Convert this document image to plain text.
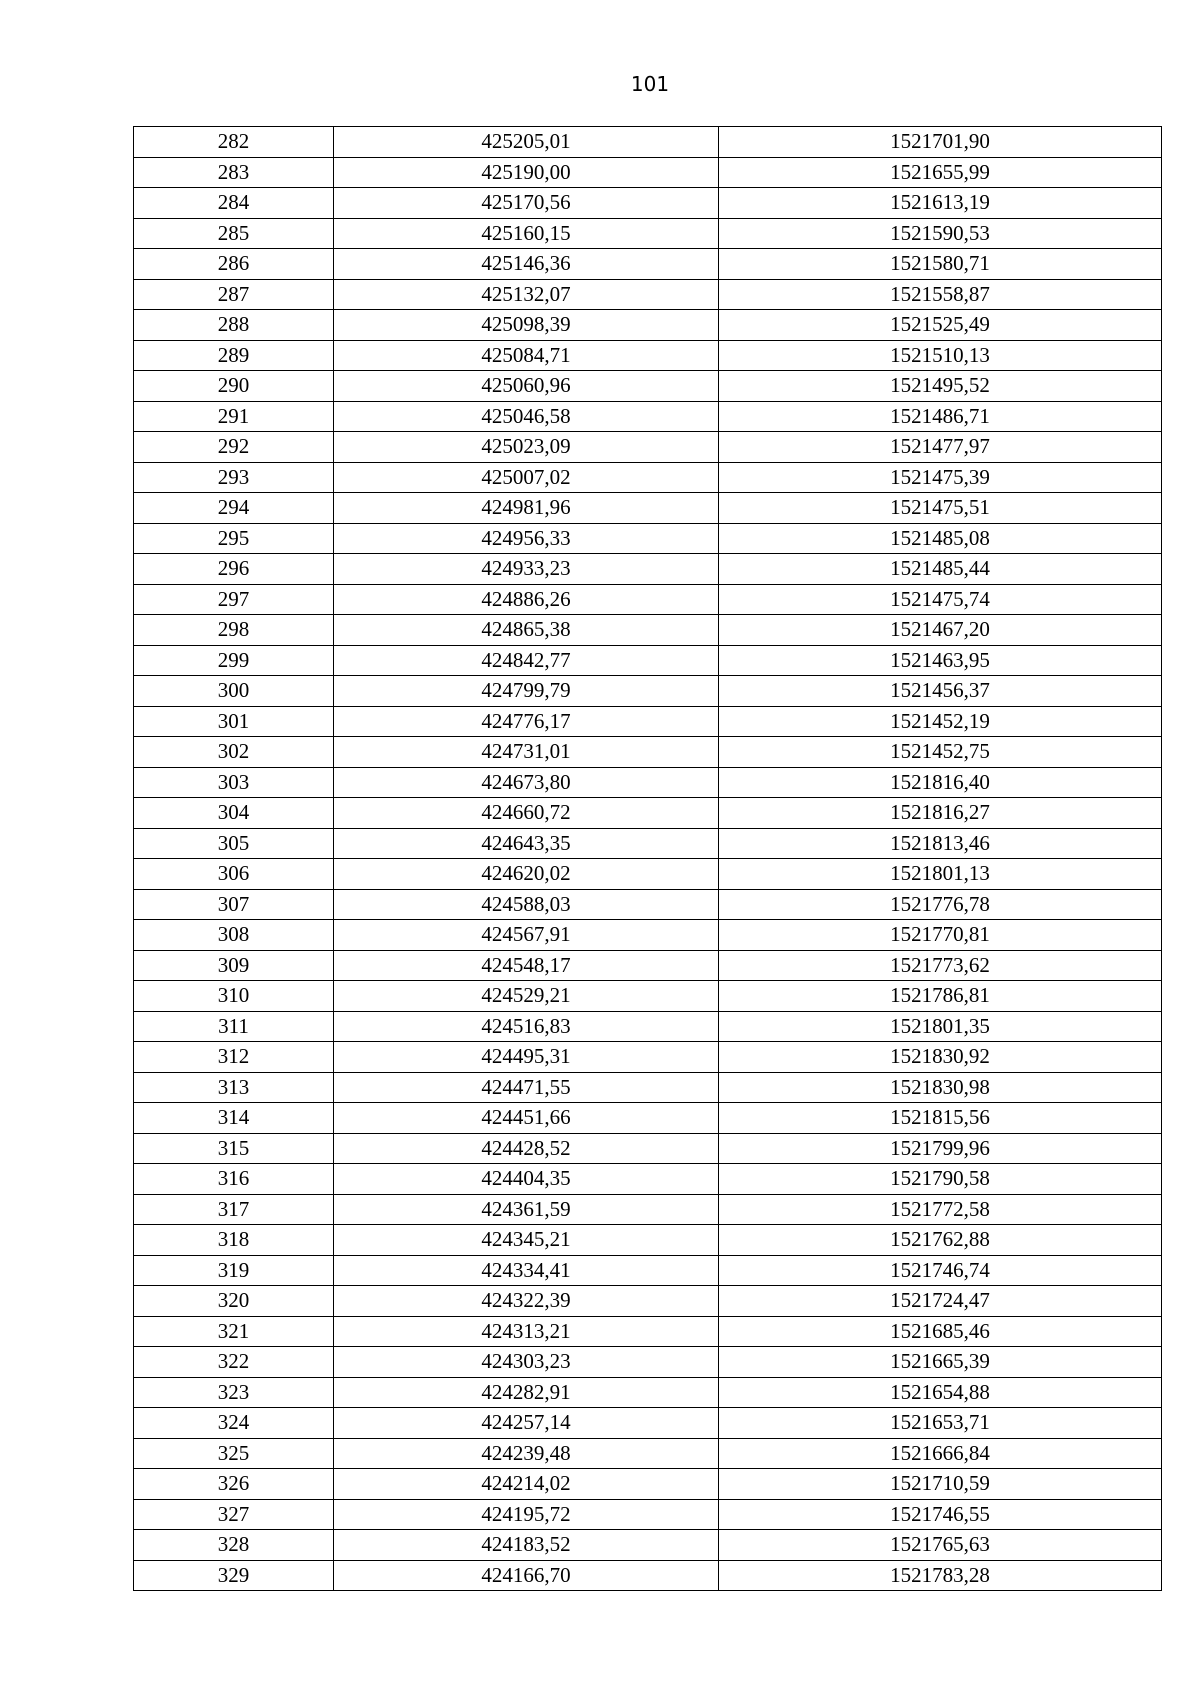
101
282	425205,01	1521701,90
283	425190,00	1521655,99
284	425170,56	1521613,19
285	425160,15	1521590,53
286	425146,36	1521580,71
287	425132,07	1521558,87
288	425098,39	1521525,49
289	425084,71	1521510,13
290	425060,96	1521495,52
291	425046,58	1521486,71
292	425023,09	1521477,97
293	425007,02	1521475,39
294	424981,96	1521475,51
295	424956,33	1521485,08
296	424933,23	1521485,44
297	424886,26	1521475,74
298	424865,38	1521467,20
299	424842,77	1521463,95
300	424799,79	1521456,37
301	424776,17	1521452,19
302	424731,01	1521452,75
303	424673,80	1521816,40
304	424660,72	1521816,27
305	424643,35	1521813,46
306	424620,02	1521801,13
307	424588,03	1521776,78
308	424567,91	1521770,81
309	424548,17	1521773,62
310	424529,21	1521786,81
311	424516,83	1521801,35
312	424495,31	1521830,92
313	424471,55	1521830,98
314	424451,66	1521815,56
315	424428,52	1521799,96
316	424404,35	1521790,58
317	424361,59	1521772,58
318	424345,21	1521762,88
319	424334,41	1521746,74
320	424322,39	1521724,47
321	424313,21	1521685,46
322	424303,23	1521665,39
323	424282,91	1521654,88
324	424257,14	1521653,71
325	424239,48	1521666,84
326	424214,02	1521710,59
327	424195,72	1521746,55
328	424183,52	1521765,63
329	424166,70	1521783,28
